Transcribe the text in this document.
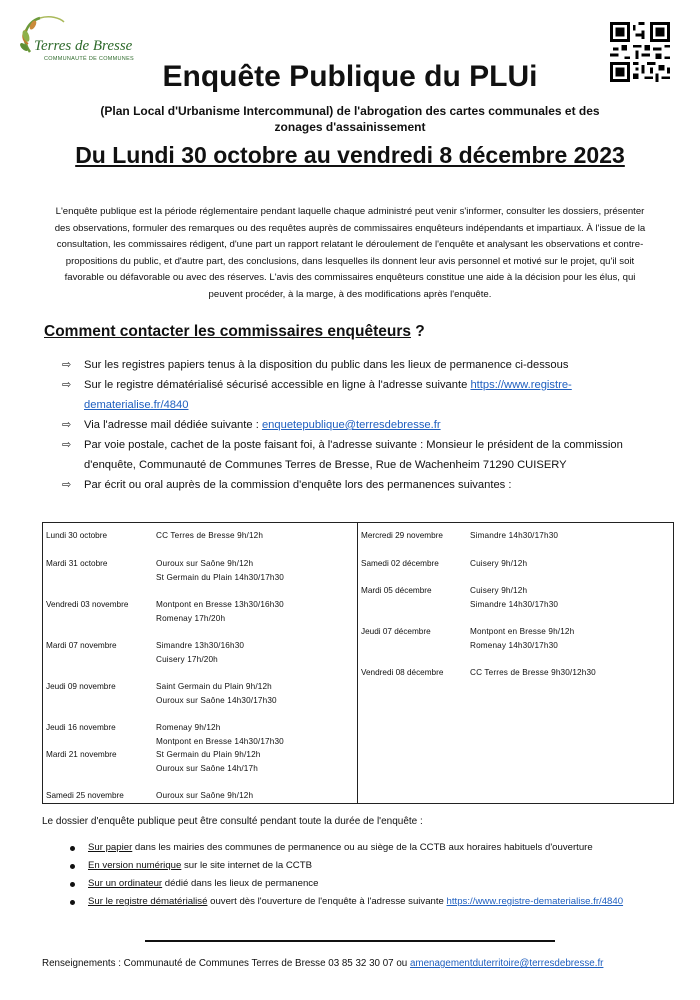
Terres de Bresse
COMMUNAUTÉ DE COMMUNES
Enquête Publique du PLUi
(Plan Local d'Urbanisme Intercommunal) de l'abrogation des cartes communales et des zonages d'assainissement
Du Lundi 30 octobre au vendredi 8 décembre 2023

L'enquête publique est la période réglementaire pendant laquelle chaque administré peut venir s'informer, consulter les dossiers, présenter des observations, formuler des remarques ou des requêtes auprès de commissaires enquêteurs indépendants et impartiaux. À l'issue de la consultation, les commissaires rédigent, d'une part un rapport relatant le déroulement de l'enquête et analysant les observations et contre-propositions du public, et d'autre part, des conclusions, dans lesquelles ils donnent leur avis personnel et motivé sur le projet, qu'il soit favorable ou défavorable ou avec des réserves. L'avis des commissaires enquêteurs constitue une aide à la décision pour les élus, qui peuvent procéder, à la marge, à des modifications après l'enquête.

Comment contacter les commissaires enquêteurs ?
⇨ Sur les registres papiers tenus à la disposition du public dans les lieux de permanence ci-dessous
⇨ Sur le registre dématérialisé sécurisé accessible en ligne à l'adresse suivante https://www.registre-dematerialise.fr/4840
⇨ Via l'adresse mail dédiée suivante : enquetepublique@terresdebresse.fr
⇨ Par voie postale, cachet de la poste faisant foi, à l'adresse suivante : Monsieur le président de la commission d'enquête, Communauté de Communes Terres de Bresse, Rue de Wachenheim 71290 CUISERY
⇨ Par écrit ou oral auprès de la commission d'enquête lors des permanences suivantes :
Lundi 30 octobre	CC Terres de Bresse 9h/12h
Mardi 31 octobre	Ouroux sur Saône 9h/12h
St Germain du Plain 14h30/17h30
Vendredi 03 novembre	Montpont en Bresse 13h30/16h30
Romenay 17h/20h
Mardi 07 novembre	Simandre 13h30/16h30
Cuisery 17h/20h
Jeudi 09 novembre	Saint Germain du Plain 9h/12h
Ouroux sur Saône 14h30/17h30
Jeudi 16 novembre	Romenay 9h/12h
Montpont en Bresse 14h30/17h30
Mardi 21 novembre	St Germain du Plain 9h/12h
Ouroux sur Saône 14h/17h
Samedi 25 novembre	Ouroux sur Saône 9h/12h
Mercredi 29 novembre	Simandre 14h30/17h30
Samedi 02 décembre	Cuisery 9h/12h
Mardi 05 décembre	Cuisery 9h/12h
Simandre 14h30/17h30
Jeudi 07 décembre	Montpont en Bresse 9h/12h
Romenay 14h30/17h30
Vendredi 08 décembre	CC Terres de Bresse 9h30/12h30
Le dossier d'enquête publique peut être consulté pendant toute la durée de l'enquête :
Sur papier dans les mairies des communes de permanence ou au siège de la CCTB aux horaires habituels d'ouverture
En version numérique sur le site internet de la CCTB
Sur un ordinateur dédié dans les lieux de permanence
Sur le registre dématérialisé ouvert dès l'ouverture de l'enquête à l'adresse suivante https://www.registre-dematerialise.fr/4840
Renseignements : Communauté de Communes Terres de Bresse 03 85 32 30 07 ou amenagementduterritoire@terresdebresse.fr
